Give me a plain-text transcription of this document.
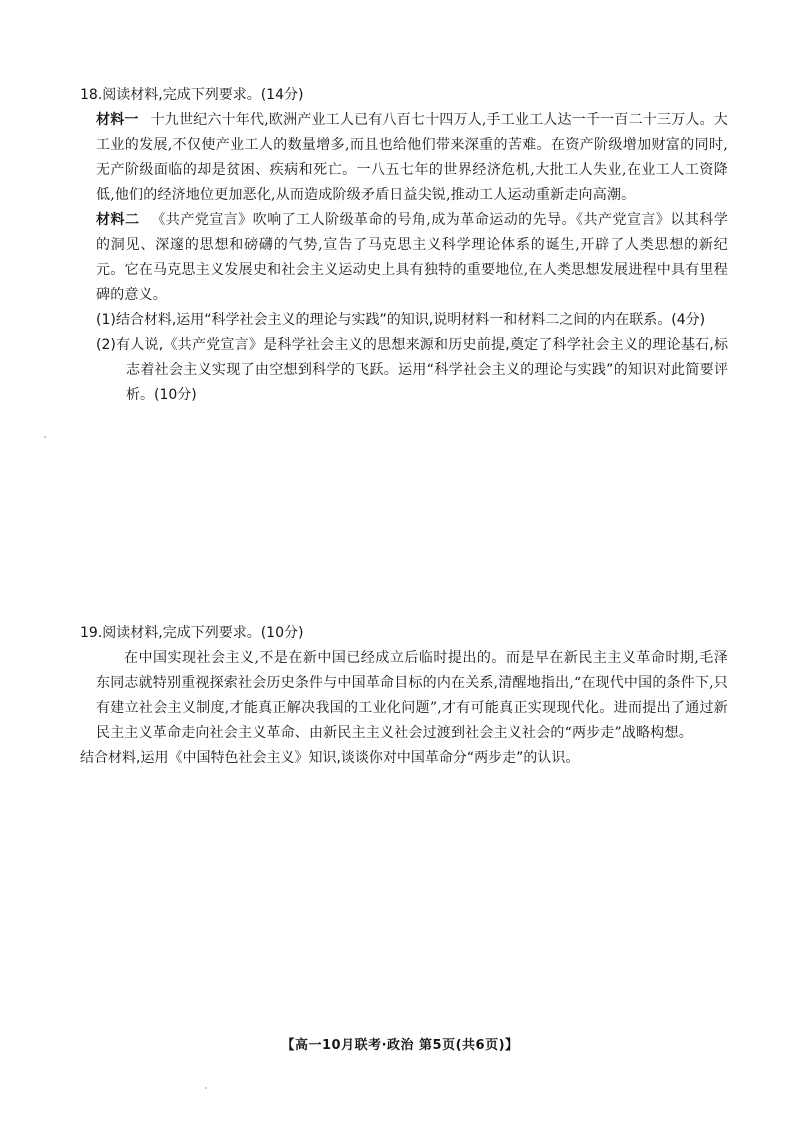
18.阅读材料,完成下列要求。(14分)

材料一 十九世纪六十年代,欧洲产业工人已有八百七十四万人,手工业工人达一千一百二十三万人。大工业的发展,不仅使产业工人的数量增多,而且也给他们带来深重的苦难。在资产阶级增加财富的同时,无产阶级面临的却是贫困、疾病和死亡。一八五七年的世界经济危机,大批工人失业,在业工人工资降低,他们的经济地位更加恶化,从而造成阶级矛盾日益尖锐,推动工人运动重新走向高潮。

材料二 《共产党宣言》吹响了工人阶级革命的号角,成为革命运动的先导。《共产党宣言》以其科学的洞见、深邃的思想和磅礴的气势,宣告了马克思主义科学理论体系的诞生,开辟了人类思想的新纪元。它在马克思主义发展史和社会主义运动史上具有独特的重要地位,在人类思想发展进程中具有里程碑的意义。

(1)结合材料,运用“科学社会主义的理论与实践”的知识,说明材料一和材料二之间的内在联系。(4分)

(2)有人说,《共产党宣言》是科学社会主义的思想来源和历史前提,奠定了科学社会主义的理论基石,标志着社会主义实现了由空想到科学的飞跃。运用“科学社会主义的理论与实践”的知识对此简要评析。(10分)

19.阅读材料,完成下列要求。(10分)

在中国实现社会主义,不是在新中国已经成立后临时提出的。而是早在新民主主义革命时期,毛泽东同志就特别重视探索社会历史条件与中国革命目标的内在关系,清醒地指出,“在现代中国的条件下,只有建立社会主义制度,才能真正解决我国的工业化问题”,才有可能真正实现现代化。进而提出了通过新民主主义革命走向社会主义革命、由新民主主义社会过渡到社会主义社会的“两步走”战略构想。

结合材料,运用《中国特色社会主义》知识,谈谈你对中国革命分“两步走”的认识。

【高一10月联考·政治 第5页(共6页)】
